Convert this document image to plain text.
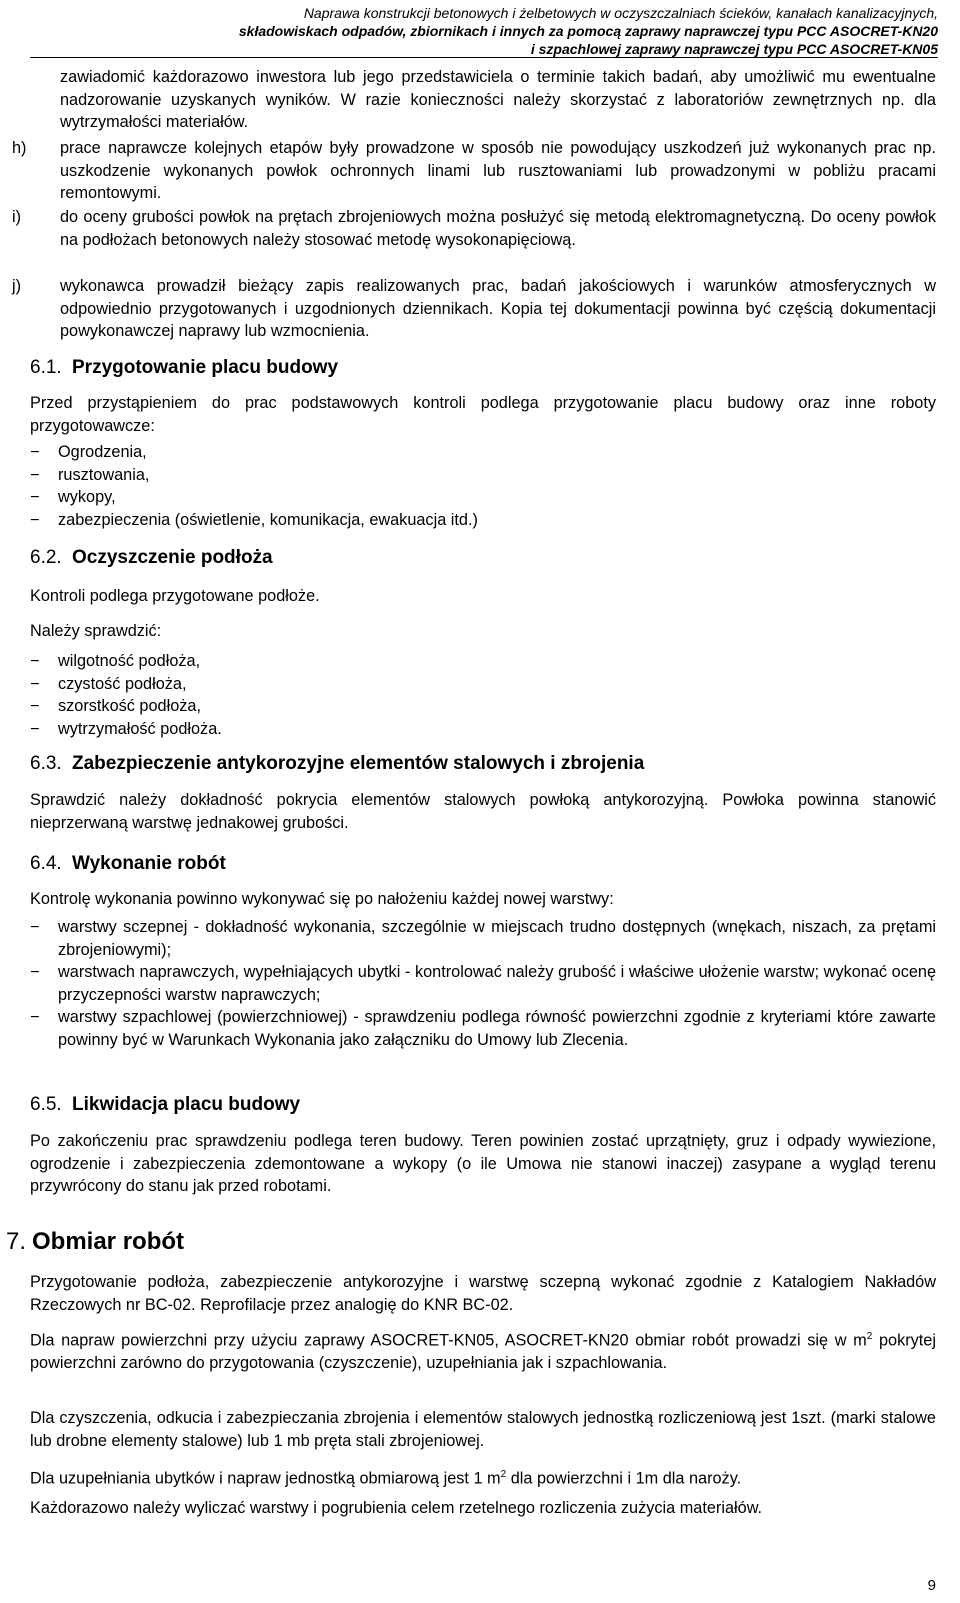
Naprawa konstrukcji betonowych i żelbetowych w oczyszczalniach ścieków, kanałach kanalizacyjnych,
składowiskach odpadów, zbiornikach i innych za pomocą zaprawy naprawczej typu PCC ASOCRET-KN20
i szpachlowej zaprawy naprawczej typu PCC ASOCRET-KN05
zawiadomić każdorazowo inwestora lub jego przedstawiciela o terminie takich badań, aby umożliwić mu ewentualne nadzorowanie uzyskanych wyników. W razie konieczności należy skorzystać z laboratoriów zewnętrznych np. dla wytrzymałości materiałów.
h) prace naprawcze kolejnych etapów były prowadzone w sposób nie powodujący uszkodzeń już wykonanych prac np. uszkodzenie wykonanych powłok ochronnych linami lub rusztowaniami lub prowadzonymi w pobliżu pracami remontowymi.
i) do oceny grubości powłok na prętach zbrojeniowych można posłużyć się metodą elektromagnetyczną. Do oceny powłok na podłożach betonowych należy stosować metodę wysokonapięciową.
j) wykonawca prowadził bieżący zapis realizowanych prac, badań jakościowych i warunków atmosferycznych w odpowiednio przygotowanych i uzgodnionych dziennikach. Kopia tej dokumentacji powinna być częścią dokumentacji powykonawczej naprawy lub wzmocnienia.
6.1. Przygotowanie placu budowy

Przed przystąpieniem do prac podstawowych kontroli podlega przygotowanie placu budowy oraz inne roboty przygotowawcze:

− Ogrodzenia,
− rusztowania,
− wykopy,
− zabezpieczenia (oświetlenie, komunikacja, ewakuacja itd.)
6.2. Oczyszczenie podłoża

Kontroli podlega przygotowane podłoże.

Należy sprawdzić:

− wilgotność podłoża,
− czystość podłoża,
− szorstkość podłoża,
− wytrzymałość podłoża.
6.3. Zabezpieczenie antykorozyjne elementów stalowych i zbrojenia

Sprawdzić należy dokładność pokrycia elementów stalowych powłoką antykorozyjną. Powłoka powinna stanowić nieprzerwaną warstwę jednakowej grubości.

6.4. Wykonanie robót

Kontrolę wykonania powinno wykonywać się po nałożeniu każdej nowej warstwy:

− warstwy sczepnej - dokładność wykonania, szczególnie w miejscach trudno dostępnych (wnękach, niszach, za prętami zbrojeniowymi);
− warstwach naprawczych, wypełniających ubytki - kontrolować należy grubość i właściwe ułożenie warstw; wykonać ocenę przyczepności warstw naprawczych;
− warstwy szpachlowej (powierzchniowej) - sprawdzeniu podlega równość powierzchni zgodnie z kryteriami które zawarte powinny być w Warunkach Wykonania jako załączniku do Umowy lub Zlecenia.
6.5. Likwidacja placu budowy

Po zakończeniu prac sprawdzeniu podlega teren budowy. Teren powinien zostać uprzątnięty, gruz i odpady wywiezione, ogrodzenie i zabezpieczenia zdemontowane a wykopy (o ile Umowa nie stanowi inaczej) zasypane a wygląd terenu przywrócony do stanu jak przed robotami.

7. Obmiar robót

Przygotowanie podłoża, zabezpieczenie antykorozyjne i warstwę sczepną wykonać zgodnie z Katalogiem Nakładów Rzeczowych nr BC-02. Reprofilacje przez analogię do KNR BC-02.

Dla napraw powierzchni przy użyciu zaprawy ASOCRET-KN05, ASOCRET-KN20 obmiar robót prowadzi się w $m^2$ pokrytej powierzchni zarówno do przygotowania (czyszczenie), uzupełniania jak i szpachlowania.

Dla czyszczenia, odkucia i zabezpieczania zbrojenia i elementów stalowych jednostką rozliczeniową jest 1szt. (marki stalowe lub drobne elementy stalowe) lub 1 mb pręta stali zbrojeniowej.

Dla uzupełniania ubytków i napraw jednostką obmiarową jest 1 $m^2$ dla powierzchni i 1m dla naroży.

Każdorazowo należy wyliczać warstwy i pogrubienia celem rzetelnego rozliczenia zużycia materiałów.

9
